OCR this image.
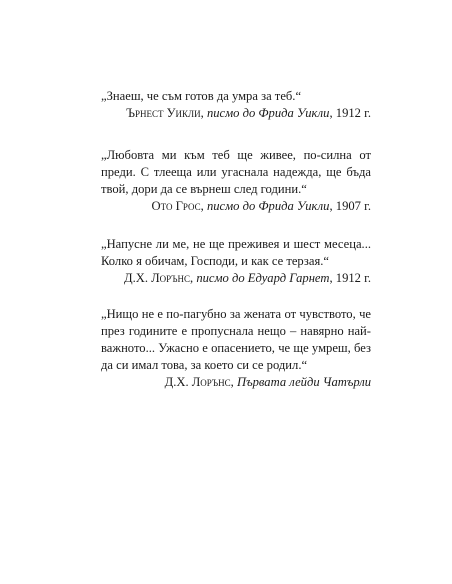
„Знаеш, че съм готов да умра за теб.“

Ърнест Уикли, писмо до Фрида Уикли, 1912 г.

„Любовта ми към теб ще живее, по-силна от преди. С тлееща или угаснала надежда, ще бъда твой, дори да се върнеш след години.“

Ото Грос, писмо до Фрида Уикли, 1907 г.

„Напусне ли ме, не ще преживея и шест месеца... Колко я обичам, Господи, и как се терзая.“

Д.Х. Лорънс, писмо до Едуард Гарнет, 1912 г.

„Нищо не е по-пагубно за жената от чувството, че през годините е пропуснала нещо – навярно най-важното... Ужасно е опасението, че ще умреш, без да си имал това, за което си се родил.“

Д.Х. Лорънс, Първата лейди Чатърли
